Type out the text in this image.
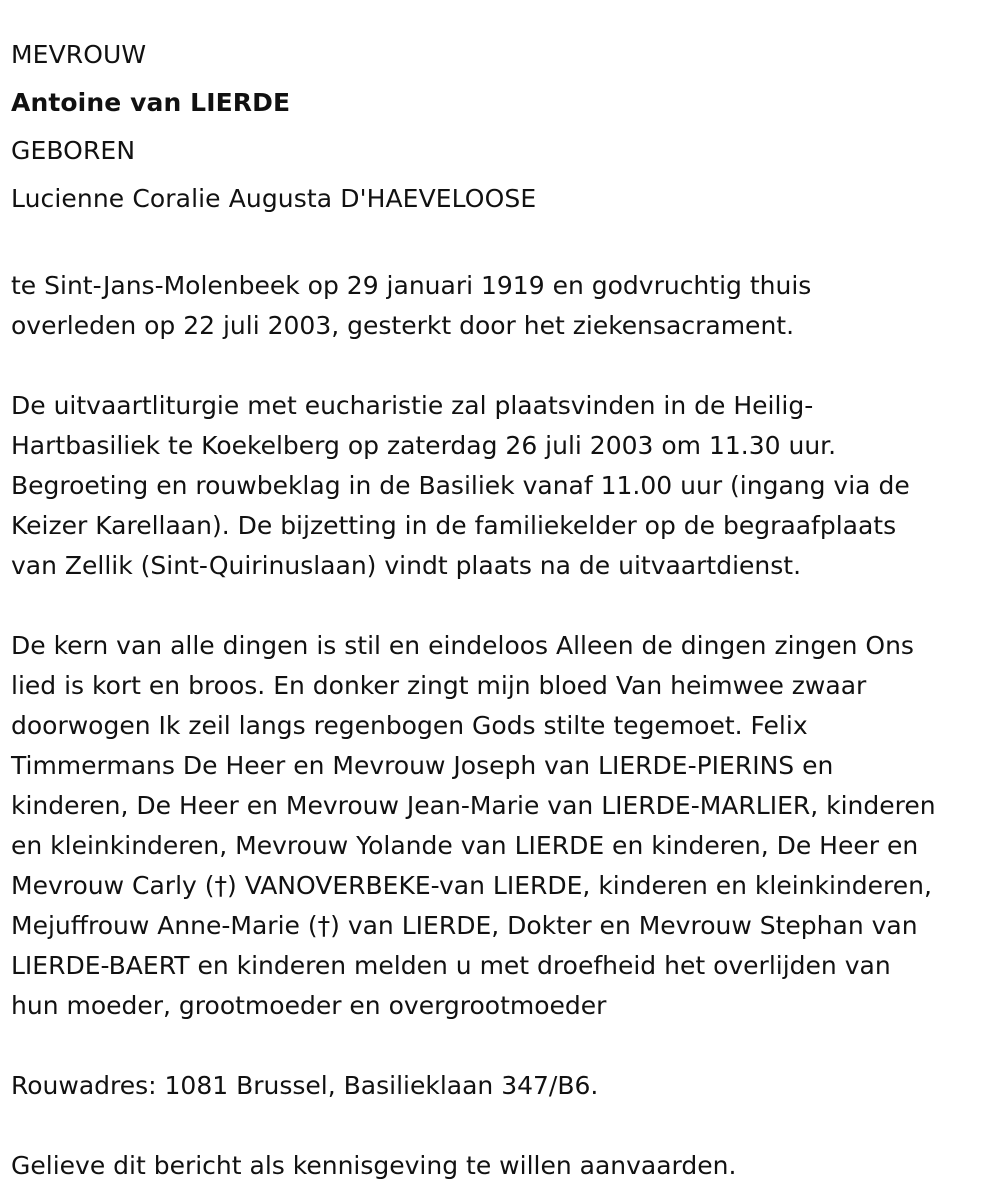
MEVROUW
Antoine van LIERDE
GEBOREN
Lucienne Coralie Augusta D'HAEVELOOSE

te Sint-Jans-Molenbeek op 29 januari 1919 en godvruchtig thuis
overleden op 22 juli 2003, gesterkt door het ziekensacrament.

De uitvaartliturgie met eucharistie zal plaatsvinden in de Heilig-
Hartbasiliek te Koekelberg op zaterdag 26 juli 2003 om 11.30 uur.
Begroeting en rouwbeklag in de Basiliek vanaf 11.00 uur (ingang via de
Keizer Karellaan). De bijzetting in de familiekelder op de begraafplaats
van Zellik (Sint-Quirinuslaan) vindt plaats na de uitvaartdienst.

De kern van alle dingen is stil en eindeloos Alleen de dingen zingen Ons
lied is kort en broos. En donker zingt mijn bloed Van heimwee zwaar
doorwogen Ik zeil langs regenbogen Gods stilte tegemoet. Felix
Timmermans De Heer en Mevrouw Joseph van LIERDE-PIERINS en
kinderen, De Heer en Mevrouw Jean-Marie van LIERDE-MARLIER, kinderen
en kleinkinderen, Mevrouw Yolande van LIERDE en kinderen, De Heer en
Mevrouw Carly (†) VANOVERBEKE-van LIERDE, kinderen en kleinkinderen,
Mejuffrouw Anne-Marie (†) van LIERDE, Dokter en Mevrouw Stephan van
LIERDE-BAERT en kinderen melden u met droefheid het overlijden van
hun moeder, grootmoeder en overgrootmoeder

Rouwadres: 1081 Brussel, Basilieklaan 347/B6.

Gelieve dit bericht als kennisgeving te willen aanvaarden.
